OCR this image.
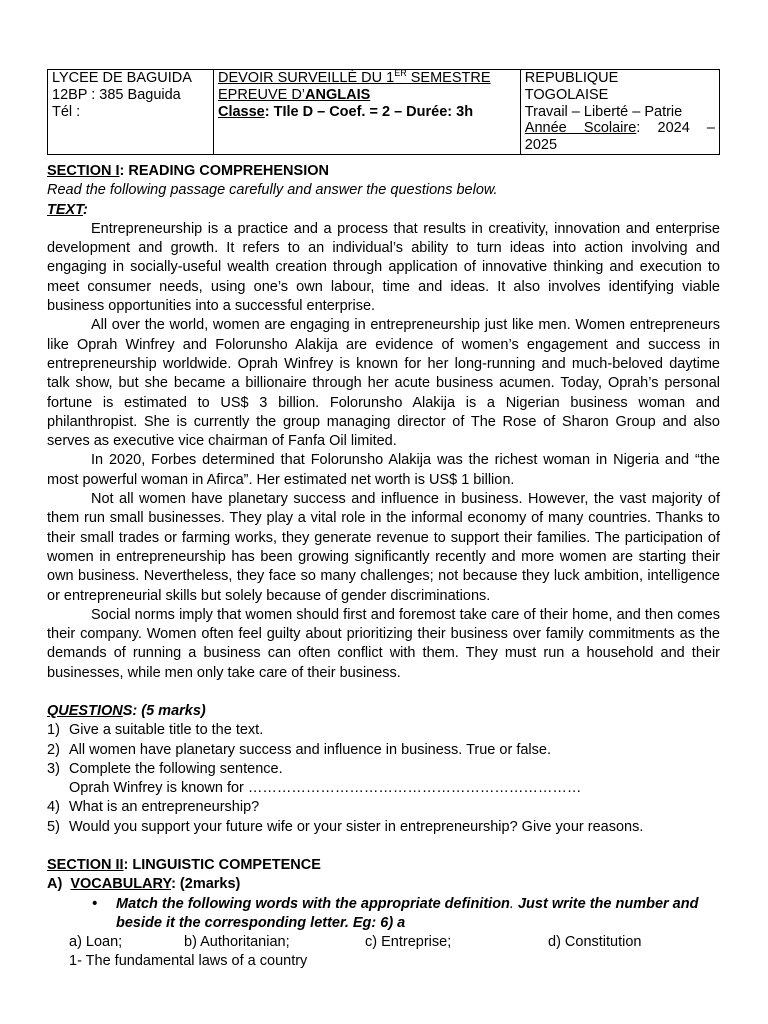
LYCEE DE BAGUIDA
12BP : 385 Baguida
Tél :

DEVOIR SURVEILLÉ DU 1ER SEMESTRE
EPREUVE D’ANGLAIS
Classe: TIle D – Coef. = 2 – Durée: 3h

REPUBLIQUE
TOGOLAISE
Travail – Liberté – Patrie
Année Scolaire: 2024 –
2025
SECTION I: READING COMPREHENSION
Read the following passage carefully and answer the questions below.
TEXT:

Entrepreneurship is a practice and a process that results in creativity, innovation and enterprise development and growth. It refers to an individual’s ability to turn ideas into action involving and engaging in socially-useful wealth creation through application of innovative thinking and execution to meet consumer needs, using one’s own labour, time and ideas. It also involves identifying viable business opportunities into a successful enterprise.

All over the world, women are engaging in entrepreneurship just like men. Women entrepreneurs like Oprah Winfrey and Folorunsho Alakija are evidence of women’s engagement and success in entrepreneurship worldwide. Oprah Winfrey is known for her long-running and much-beloved daytime talk show, but she became a billionaire through her acute business acumen. Today, Oprah’s personal fortune is estimated to US$ 3 billion. Folorunsho Alakija is a Nigerian business woman and philanthropist. She is currently the group managing director of The Rose of Sharon Group and also serves as executive vice chairman of Fanfa Oil limited.

In 2020, Forbes determined that Folorunsho Alakija was the richest woman in Nigeria and “the most powerful woman in Afirca”. Her estimated net worth is US$ 1 billion.

Not all women have planetary success and influence in business. However, the vast majority of them run small businesses. They play a vital role in the informal economy of many countries. Thanks to their small trades or farming works, they generate revenue to support their families. The participation of women in entrepreneurship has been growing significantly recently and more women are starting their own business. Nevertheless, they face so many challenges; not because they luck ambition, intelligence or entrepreneurial skills but solely because of gender discriminations.

Social norms imply that women should first and foremost take care of their home, and then comes their company. Women often feel guilty about prioritizing their business over family commitments as the demands of running a business can often conflict with them. They must run a household and their businesses, while men only take care of their business.

QUESTIONS: (5 marks)
1) Give a suitable title to the text.
2) All women have planetary success and influence in business. True or false.
3) Complete the following sentence.
Oprah Winfrey is known for ……………………………………………………………
4) What is an entrepreneurship?
5) Would you support your future wife or your sister in entrepreneurship? Give your reasons.
SECTION II: LINGUISTIC COMPETENCE
A)  VOCABULARY: (2marks)
• Match the following words with the appropriate definition. Just write the number and beside it the corresponding letter. Eg: 6) a
a) Loan;	b) Authoritanian;	c) Entreprise;	d) Constitution
1- The fundamental laws of a country
